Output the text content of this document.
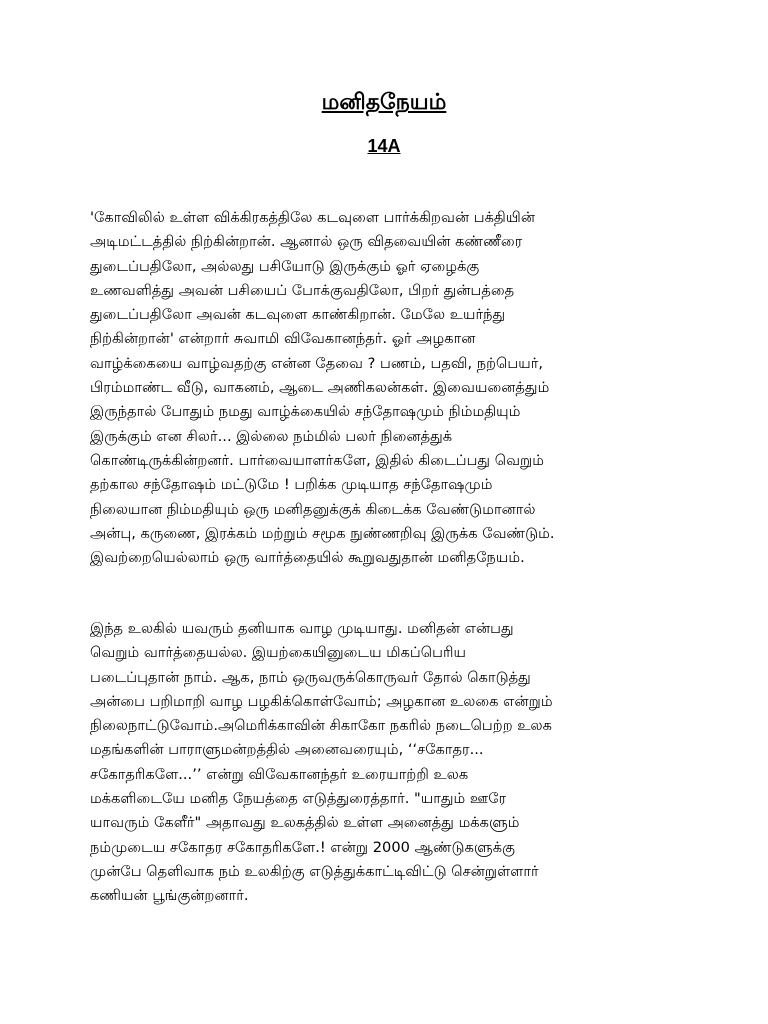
மனிதநேயம்
14A
'கோவிலில் உள்ள விக்கிரகத்திலே கடவுளை பார்க்கிறவன் பக்தியின்
அடிமட்டத்தில் நிற்கின்றான். ஆனால் ஒரு விதவையின் கண்ணீரை
துடைப்பதிலோ, அல்லது பசியோடு இருக்கும் ஓர் ஏழைக்கு
உணவளித்து அவன் பசியைப் போக்குவதிலோ, பிறர் துன்பத்தை
துடைப்பதிலோ அவன் கடவுளை காண்கிறான். மேலே உயர்ந்து
நிற்கின்றான்' என்றார் சுவாமி விவேகானந்தர். ஓர் அழகான
வாழ்க்கையை வாழ்வதற்கு என்ன தேவை ? பணம், பதவி, நற்பெயர்,
பிரம்மாண்ட வீடு, வாகனம், ஆடை அணிகலன்கள். இவையனைத்தும்
இருந்தால் போதும் நமது வாழ்க்கையில் சந்தோஷமும் நிம்மதியும்
இருக்கும் என சிலர்... இல்லை நம்மில் பலர் நினைத்துக்
கொண்டிருக்கின்றனர். பார்வையாளர்களே, இதில் கிடைப்பது வெறும்
தற்கால சந்தோஷம் மட்டுமே ! பறிக்க முடியாத சந்தோஷமும்
நிலையான நிம்மதியும் ஒரு மனிதனுக்குக் கிடைக்க வேண்டுமானால்
அன்பு, கருணை, இரக்கம் மற்றும் சமூக நுண்ணறிவு இருக்க வேண்டும்.
இவற்றையெல்லாம் ஒரு வார்த்தையில் கூறுவதுதான் மனிதநேயம்.
இந்த உலகில் யவரும் தனியாக வாழ முடியாது. மனிதன் என்பது
வெறும் வார்த்தையல்ல. இயற்கையினுடைய மிகப்பெரிய
படைப்புதான் நாம். ஆக, நாம் ஒருவருக்கொருவர் தோல் கொடுத்து
அன்பை பறிமாறி வாழ பழகிக்கொள்வோம்; அழகான உலகை என்றும்
நிலைநாட்டுவோம்.அமெரிக்காவின் சிகாகோ நகரில் நடைபெற்ற உலக
மதங்களின் பாராளுமன்றத்தில் அனைவரையும், ‘‘சகோதர...
சகோதரிகளே...’’ என்று விவேகானந்தர் உரையாற்றி உலக
மக்களிடையே மனித நேயத்தை எடுத்துரைத்தார். "யாதும் ஊரே
யாவரும் கேளீர்" அதாவது உலகத்தில் உள்ள அனைத்து மக்களும்
நம்முடைய சகோதர சகோதரிகளே.! என்று 2000 ஆண்டுகளுக்கு
முன்பே தெளிவாக நம் உலகிற்கு எடுத்துக்காட்டிவிட்டு சென்றுள்ளார்
கணியன் பூங்குன்றனார்.
